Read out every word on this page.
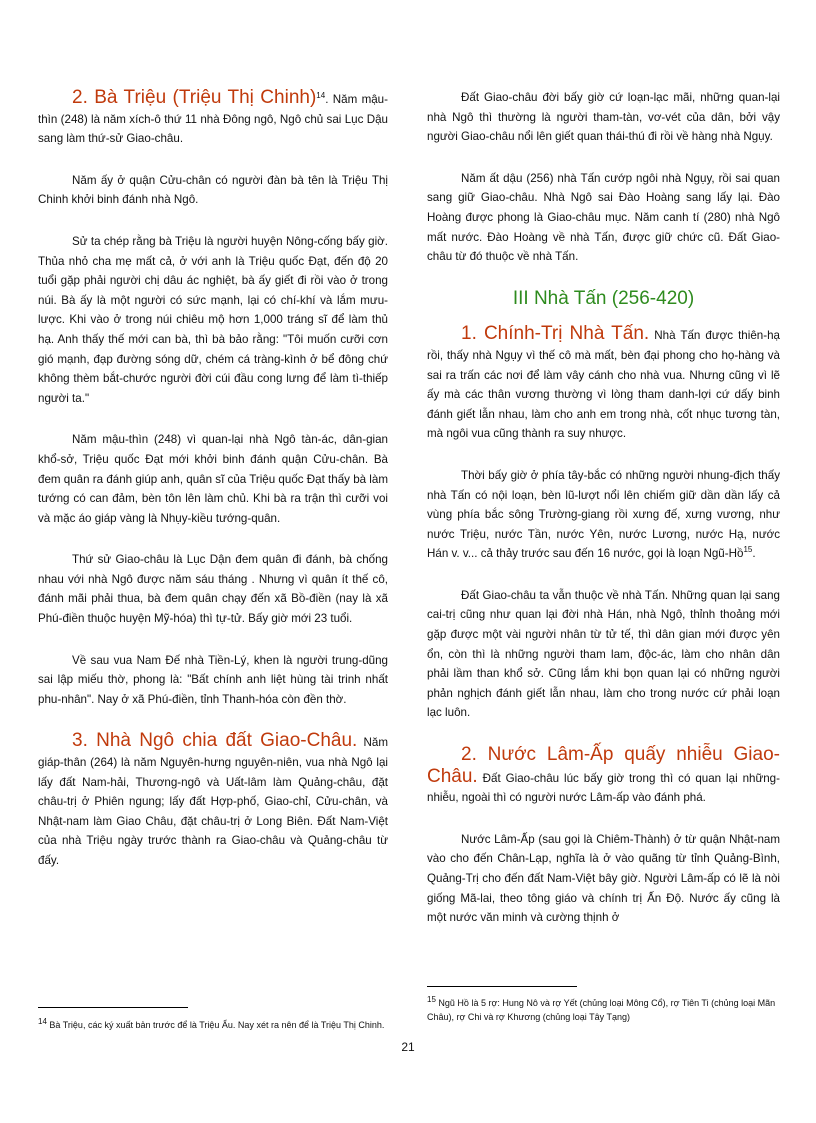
2. Bà Triệu (Triệu Thị Chinh)$^{14}$. Năm mậu-thìn (248) là năm xích-ô thứ 11 nhà Đông ngô, Ngô chủ sai Lục Dậu sang làm thứ-sử Giao-châu.

Năm ấy ở quận Cửu-chân có người đàn bà tên là Triệu Thị Chinh khởi binh đánh nhà Ngô.

Sử ta chép rằng bà Triệu là người huyện Nông-cống bấy giờ. Thủa nhỏ cha mẹ mất cả, ở với anh là Triệu quốc Đạt, đến độ 20 tuổi gặp phải người chị dâu ác nghiệt, bà ấy giết đi rồi vào ở trong núi. Bà ấy là một người có sức mạnh, lại có chí-khí và lắm mưu-lược. Khi vào ở trong núi chiêu mộ hơn 1,000 tráng sĩ để làm thủ hạ. Anh thấy thế mới can bà, thì bà bảo rằng: "Tôi muốn cưỡi cơn gió mạnh, đạp đường sóng dữ, chém cá tràng-kình ở bể đông chứ không thèm bắt-chước người đời cúi đầu cong lưng để làm tì-thiếp người ta."

Năm mậu-thìn (248) vì quan-lại nhà Ngô tàn-ác, dân-gian khổ-sở, Triệu quốc Đạt mới khởi binh đánh quận Cửu-chân. Bà đem quân ra đánh giúp anh, quân sĩ của Triệu quốc Đạt thấy bà làm tướng có can đảm, bèn tôn lên làm chủ. Khi bà ra trận thì cưỡi voi và mặc áo giáp vàng là Nhụy-kiều tướng-quân.

Thứ sử Giao-châu là Lục Dận đem quân đi đánh, bà chống nhau với nhà Ngô được năm sáu tháng . Nhưng vì quân ít thế cô, đánh mãi phải thua, bà đem quân chạy đến xã Bồ-điền (nay là xã Phú-điền thuộc huyện Mỹ-hóa) thì tự-tử. Bấy giờ mới 23 tuổi.

Về sau vua Nam Đế nhà Tiền-Lý, khen là người trung-dũng sai lập miếu thờ, phong là: "Bất chính anh liệt hùng tài trinh nhất phu-nhân". Nay ở xã Phú-điền, tỉnh Thanh-hóa còn đền thờ.

3. Nhà Ngô chia đất Giao-Châu. Năm giáp-thân (264) là năm Nguyên-hưng nguyên-niên, vua nhà Ngô lại lấy đất Nam-hải, Thương-ngô và Uất-lâm làm Quảng-châu, đặt châu-trị ở Phiên ngung; lấy đất Hợp-phố, Giao-chỉ, Cửu-chân, và Nhật-nam làm Giao Châu, đặt châu-trị ở Long Biên. Đất Nam-Việt của nhà Triệu ngày trước thành ra Giao-châu và Quảng-châu từ đấy.

Đất Giao-châu đời bấy giờ cứ loạn-lạc mãi, những quan-lại nhà Ngô thì thường là người tham-tàn, vơ-vét của dân, bởi vậy người Giao-châu nổi lên giết quan thái-thú đi rồi về hàng nhà Ngụy.

Năm ất dậu (256) nhà Tấn cướp ngôi nhà Ngụy, rồi sai quan sang giữ Giao-châu. Nhà Ngô sai Đào Hoàng sang lấy lại. Đào Hoàng được phong là Giao-châu mục. Năm canh tí (280) nhà Ngô mất nước. Đào Hoàng về nhà Tấn, được giữ chức cũ. Đất Giao-châu từ đó thuộc về nhà Tấn.

III Nhà Tấn (256-420)

1. Chính-Trị Nhà Tấn. Nhà Tấn được thiên-hạ rồi, thấy nhà Ngụy vì thế cô mà mất, bèn đại phong cho họ-hàng và sai ra trấn các nơi để làm vây cánh cho nhà vua. Nhưng cũng vì lẽ ấy mà các thân vương thường vì lòng tham danh-lợi cứ dấy binh đánh giết lẫn nhau, làm cho anh em trong nhà, cốt nhục tương tàn, mà ngôi vua cũng thành ra suy nhược.

Thời bấy giờ ở phía tây-bắc có những người nhung-địch thấy nhà Tấn có nội loạn, bèn lũ-lượt nổi lên chiếm giữ dần dần lấy cả vùng phía bắc sông Trường-giang rồi xưng đế, xưng vương, như nước Triệu, nước Tần, nước Yên, nước Lương, nước Hạ, nước Hán v. v... cả thảy trước sau đến 16 nước, gọi là loạn Ngũ-Hồ$^{15}$.

Đất Giao-châu ta vẫn thuộc về nhà Tấn. Những quan lại sang cai-trị cũng như quan lại đời nhà Hán, nhà Ngô, thỉnh thoảng mới gặp được một vài người nhân từ tử tế, thì dân gian mới được yên ổn, còn thì là những người tham lam, độc-ác, làm cho nhân dân phải lầm than khổ sở. Cũng lắm khi bọn quan lại có những người phản nghịch đánh giết lẫn nhau, làm cho trong nước cứ phải loạn lạc luôn.

2. Nước Lâm-Ấp quấy nhiễu Giao-Châu. Đất Giao-châu lúc bấy giờ trong thì có quan lại những-nhiễu, ngoài thì có người nước Lâm-ấp vào đánh phá.

Nước Lâm-Ấp (sau gọi là Chiêm-Thành) ở từ quận Nhật-nam vào cho đến Chân-Lạp, nghĩa là ở vào quãng từ tỉnh Quảng-Bình, Quảng-Trị cho đến đất Nam-Việt bây giờ. Người Lâm-ấp có lẽ là nòi giống Mã-lai, theo tông giáo và chính trị Ấn Độ. Nước ấy cũng là một nước văn minh và cường thịnh ở

$^{14}$ Bà Triệu, các ký xuất bản trước để là Triệu Ẩu. Nay xét ra nên để là Triệu Thị Chinh.
$^{15}$ Ngũ Hồ là 5 rợ: Hung Nô và rợ Yết (chủng loại Mông Cổ), rợ Tiên Ti (chủng loại Mãn Châu), rợ Chi và rợ Khương (chủng loại Tây Tạng)
21
